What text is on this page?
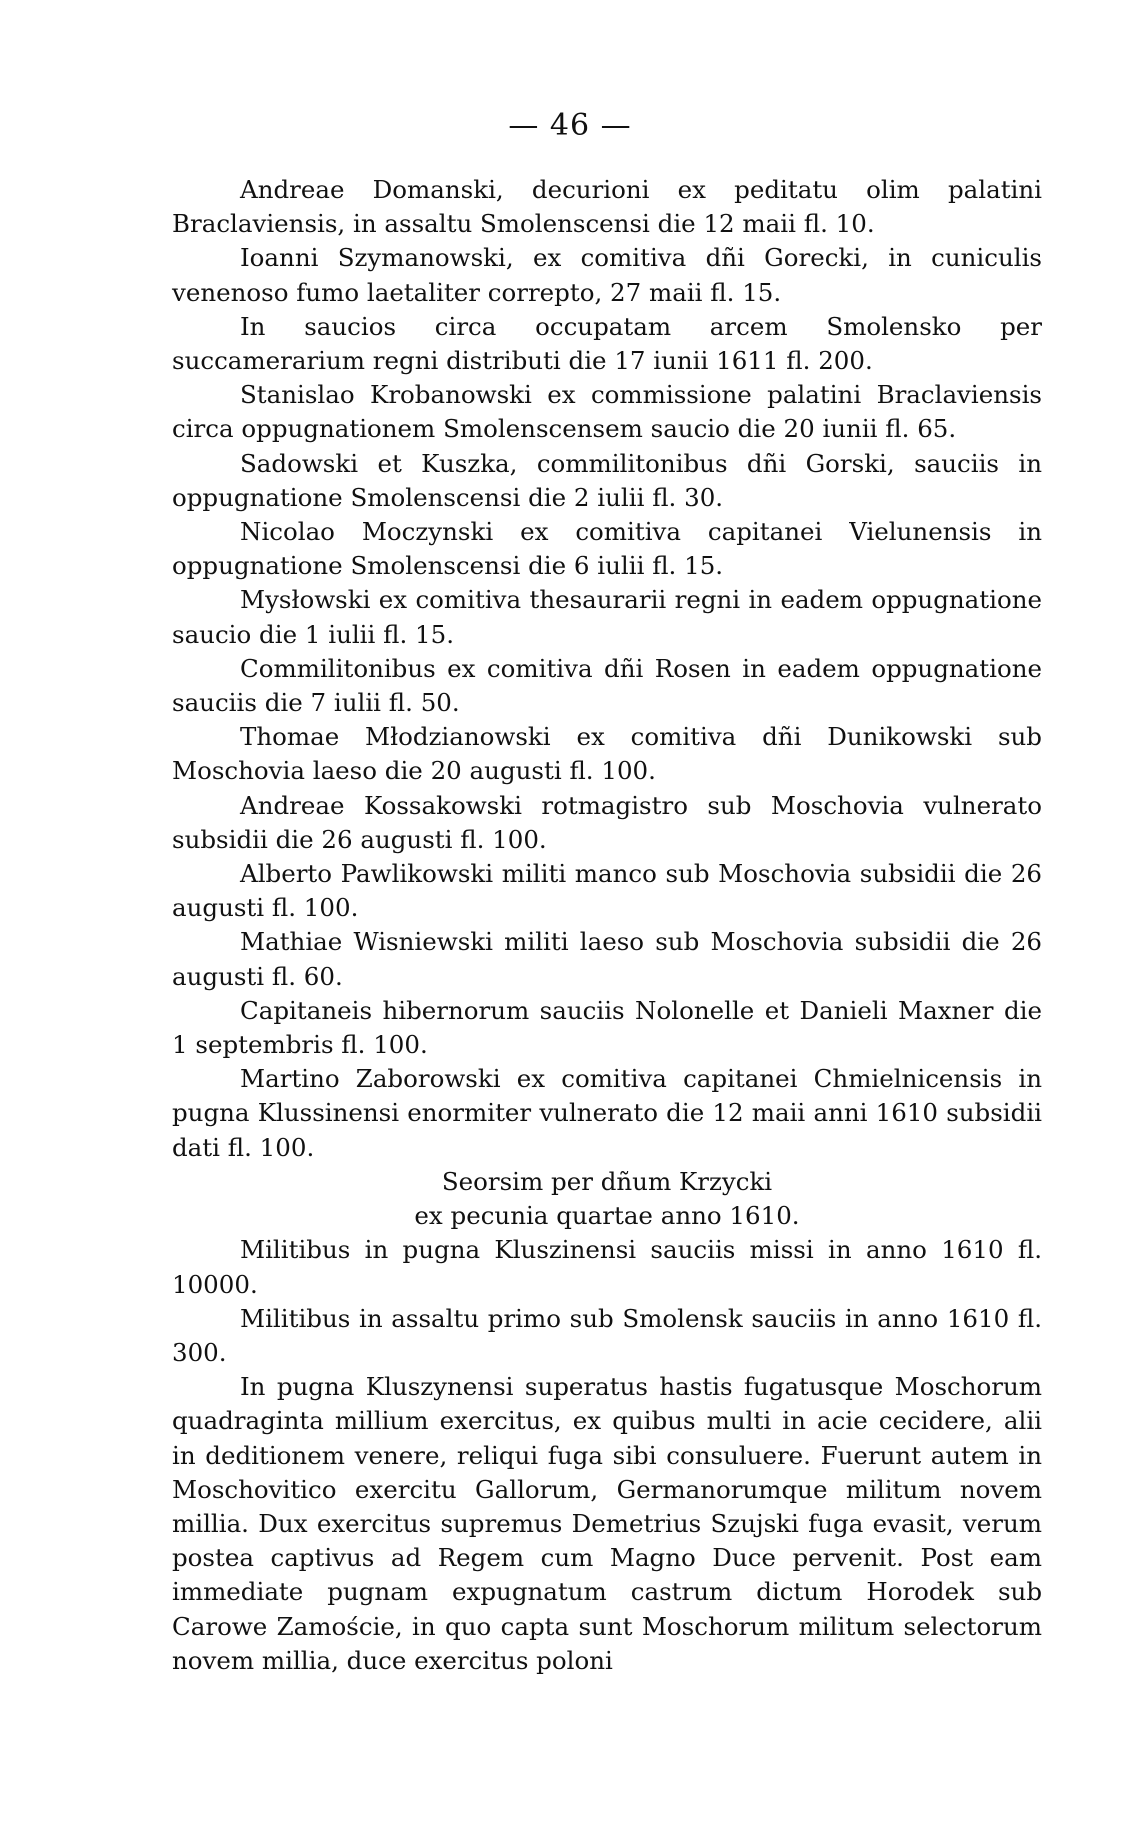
— 46 —

Andreae Domanski, decurioni ex peditatu olim palatini Braclaviensis, in assaltu Smolenscensi die 12 maii fl. 10.

Ioanni Szymanowski, ex comitiva dñi Gorecki, in cuniculis venenoso fumo laetaliter correpto, 27 maii fl. 15.

In saucios circa occupatam arcem Smolensko per succamerarium regni distributi die 17 iunii 1611 fl. 200.

Stanislao Krobanowski ex commissione palatini Braclaviensis circa oppugnationem Smolenscensem saucio die 20 iunii fl. 65.

Sadowski et Kuszka, commilitonibus dñi Gorski, sauciis in oppugnatione Smolenscensi die 2 iulii fl. 30.

Nicolao Moczynski ex comitiva capitanei Vielunensis in oppugnatione Smolenscensi die 6 iulii fl. 15.

Mysłowski ex comitiva thesaurarii regni in eadem oppugnatione saucio die 1 iulii fl. 15.

Commilitonibus ex comitiva dñi Rosen in eadem oppugnatione sauciis die 7 iulii fl. 50.

Thomae Młodzianowski ex comitiva dñi Dunikowski sub Moschovia laeso die 20 augusti fl. 100.

Andreae Kossakowski rotmagistro sub Moschovia vulnerato subsidii die 26 augusti fl. 100.

Alberto Pawlikowski militi manco sub Moschovia subsidii die 26 augusti fl. 100.

Mathiae Wisniewski militi laeso sub Moschovia subsidii die 26 augusti fl. 60.

Capitaneis hibernorum sauciis Nolonelle et Danieli Maxner die 1 septembris fl. 100.

Martino Zaborowski ex comitiva capitanei Chmielnicensis in pugna Klussinensi enormiter vulnerato die 12 maii anni 1610 subsidii dati fl. 100.

Seorsim per dñum Krzycki

ex pecunia quartae anno 1610.

Militibus in pugna Kluszinensi sauciis missi in anno 1610 fl. 10000.

Militibus in assaltu primo sub Smolensk sauciis in anno 1610 fl. 300.

In pugna Kluszynensi superatus hastis fugatusque Moschorum quadraginta millium exercitus, ex quibus multi in acie cecidere, alii in deditionem venere, reliqui fuga sibi consuluere. Fuerunt autem in Moschovitico exercitu Gallorum, Germanorumque militum novem millia. Dux exercitus supremus Demetrius Szujski fuga evasit, verum postea captivus ad Regem cum Magno Duce pervenit. Post eam immediate pugnam expugnatum castrum dictum Horodek sub Carowe Zamoście, in quo capta sunt Moschorum militum selectorum novem millia, duce exercitus poloni
